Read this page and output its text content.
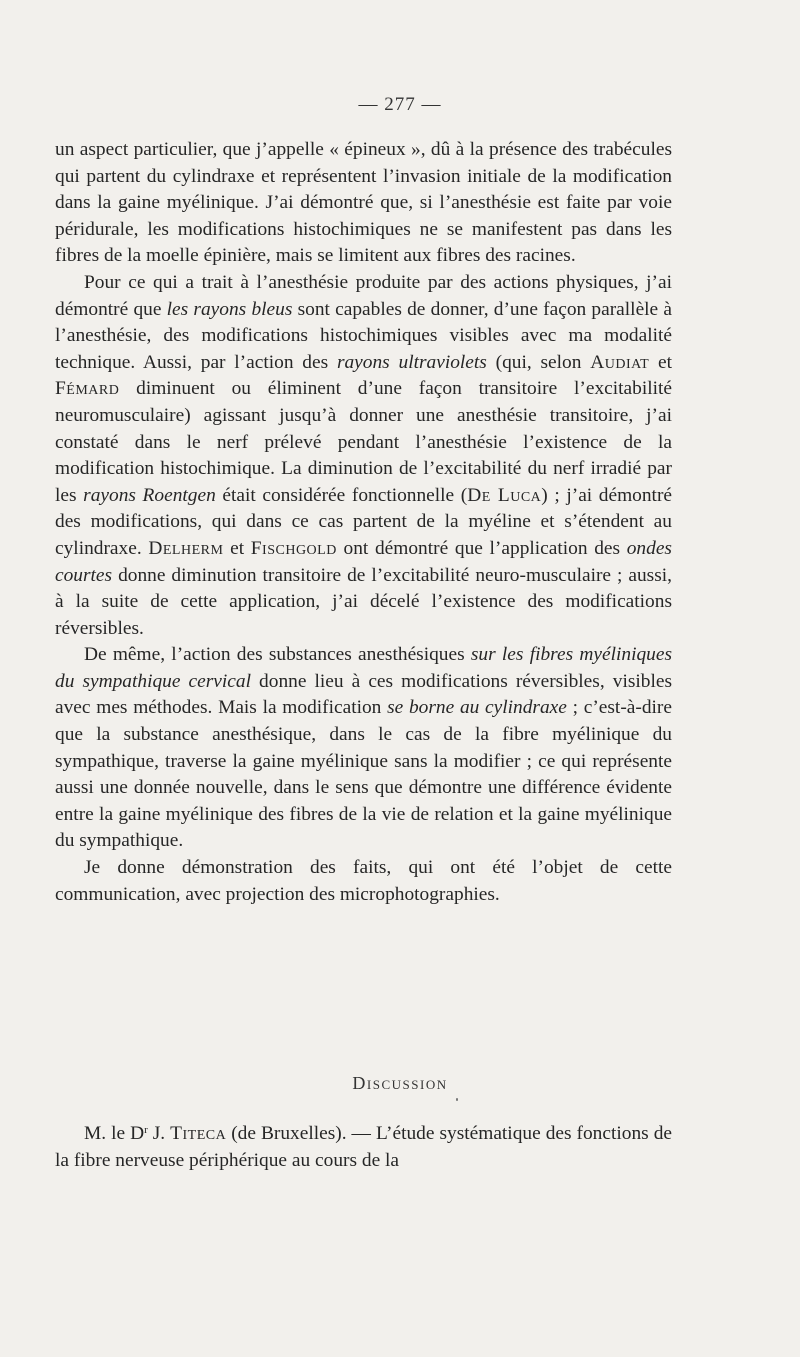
— 277 —

un aspect particulier, que j’appelle « épineux », dû à la présence des trabécules qui partent du cylindraxe et représentent l’invasion initiale de la modification dans la gaine myélinique. J’ai démontré que, si l’anesthésie est faite par voie péridurale, les modifications histochimiques ne se manifestent pas dans les fibres de la moelle épinière, mais se limitent aux fibres des racines.

Pour ce qui a trait à l’anesthésie produite par des actions physiques, j’ai démontré que les rayons bleus sont capables de donner, d’une façon parallèle à l’anesthésie, des modifications histochimiques visibles avec ma modalité technique. Aussi, par l’action des rayons ultraviolets (qui, selon Audiat et Fémard diminuent ou éliminent d’une façon transitoire l’excitabilité neuromusculaire) agissant jusqu’à donner une anesthésie transitoire, j’ai constaté dans le nerf prélevé pendant l’anesthésie l’existence de la modification histochimique. La diminution de l’excitabilité du nerf irradié par les rayons Roentgen était considérée fonctionnelle (De Luca) ; j’ai démontré des modifications, qui dans ce cas partent de la myéline et s’étendent au cylindraxe. Delherm et Fischgold ont démontré que l’application des ondes courtes donne diminution transitoire de l’excitabilité neuro-musculaire ; aussi, à la suite de cette application, j’ai décelé l’existence des modifications réversibles.

De même, l’action des substances anesthésiques sur les fibres myéliniques du sympathique cervical donne lieu à ces modifications réversibles, visibles avec mes méthodes. Mais la modification se borne au cylindraxe ; c’est-à-dire que la substance anesthésique, dans le cas de la fibre myélinique du sympathique, traverse la gaine myélinique sans la modifier ; ce qui représente aussi une donnée nouvelle, dans le sens que démontre une différence évidente entre la gaine myélinique des fibres de la vie de relation et la gaine myélinique du sympathique.

Je donne démonstration des faits, qui ont été l’objet de cette communication, avec projection des microphotographies.

Discussion

M. le $D^r$ J. Titeca (de Bruxelles). — L’étude systématique des fonctions de la fibre nerveuse périphérique au cours de la
